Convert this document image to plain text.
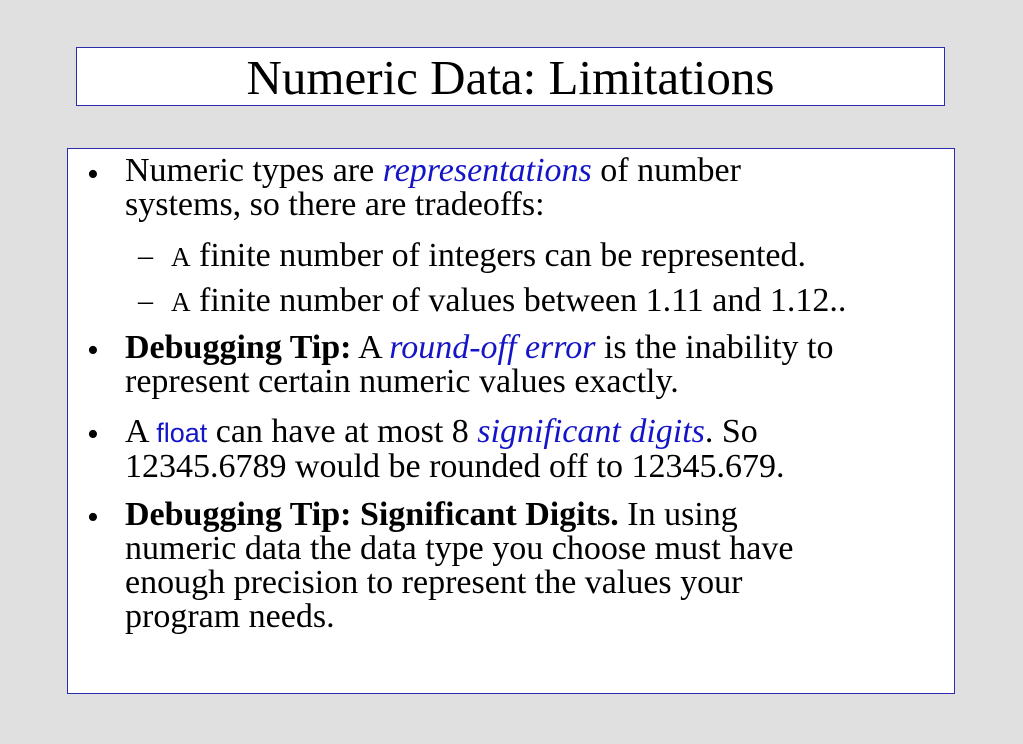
Numeric Data: Limitations
• Numeric types are representations of number
systems, so there are tradeoffs:
– A finite number of integers can be represented.
– A finite number of values between 1.11 and 1.12..
• Debugging Tip: A round-off error is the inability to
represent certain numeric values exactly.
• A float can have at most 8 significant digits. So
12345.6789 would be rounded off to 12345.679.
• Debugging Tip: Significant Digits. In using
numeric data the data type you choose must have
enough precision to represent the values your
program needs.
